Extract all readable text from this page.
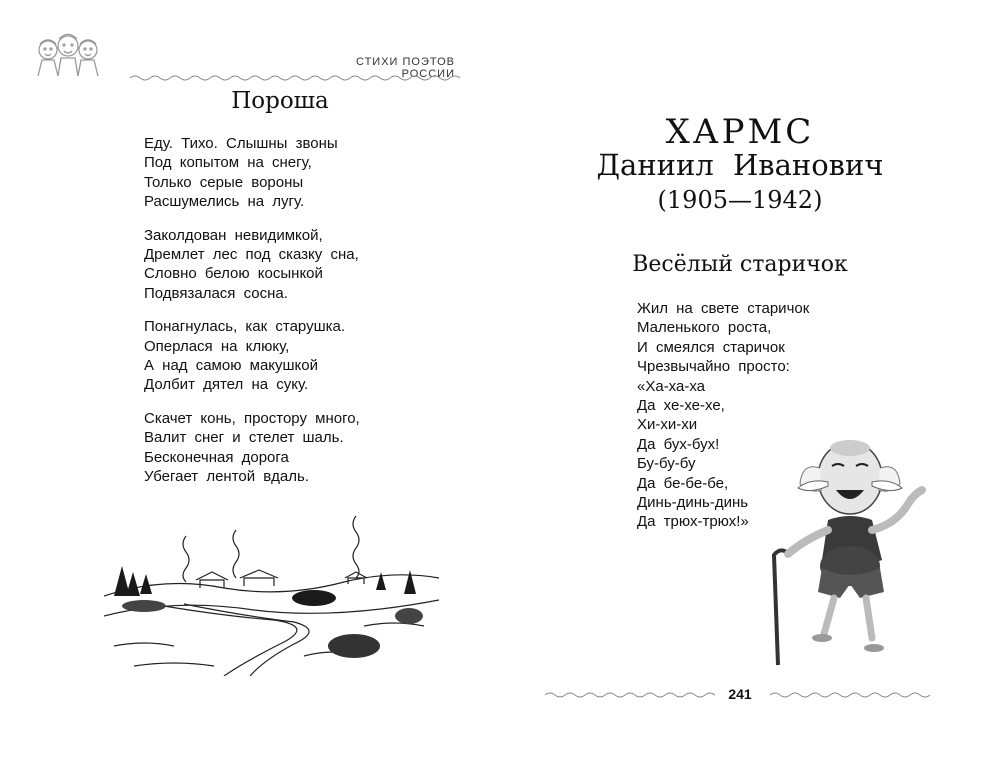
СТИХИ ПОЭТОВ РОССИИ
Пороша
Еду. Тихо. Слышны звоны
Под копытом на снегу,
Только серые вороны
Расшумелись на лугу.
Заколдован невидимкой,
Дремлет лес под сказку сна,
Словно белою косынкой
Подвязалася сосна.
Понагнулась, как старушка.
Оперлася на клюку,
А над самою макушкой
Долбит дятел на суку.
Скачет конь, простору много,
Валит снег и стелет шаль.
Бесконечная дорога
Убегает лентой вдаль.
ХАРМС
Даниил Иванович
(1905—1942)
Весёлый старичок
Жил на свете старичок
Маленького роста,
И смеялся старичок
Чрезвычайно просто:
«Ха-ха-ха
Да хе-хе-хе,
Хи-хи-хи
Да бух-бух!
Бу-бу-бу
Да бе-бе-бе,
Динь-динь-динь
Да трюх-трюх!»
241
